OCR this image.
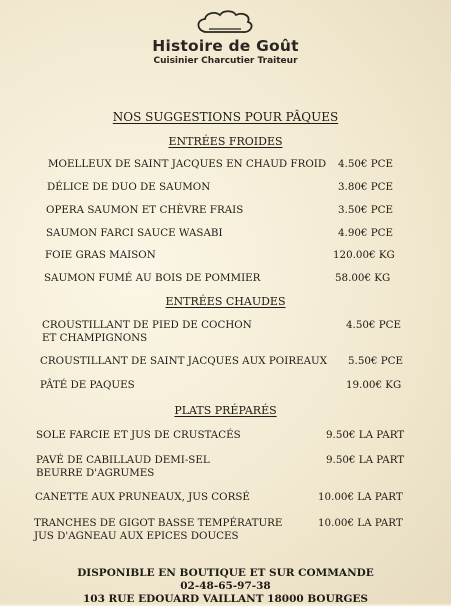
Histoire de Goût
Cuisinier Charcutier Traiteur
NOS SUGGESTIONS POUR PÂQUES
ENTRÉES FROIDES
MOELLEUX DE SAINT JACQUES EN CHAUD FROID 4.50€ PCE
DÉLICE DE DUO DE SAUMON	3.80€ PCE
OPERA SAUMON ET CHÈVRE FRAIS	3.50€ PCE
SAUMON FARCI SAUCE WASABI	4.90€ PCE
FOIE GRAS MAISON	120.00€ KG
SAUMON FUMÉ AU BOIS DE POMMIER	58.00€ KG
ENTRÉES CHAUDES
CROUSTILLANT DE PIED DE COCHON
ET CHAMPIGNONS
4.50€ PCE
CROUSTILLANT DE SAINT JACQUES AUX POIREAUX 5.50€ PCE
PÂTÉ DE PAQUES	19.00€ KG
PLATS PRÉPARÉS
SOLE FARCIE ET JUS DE CRUSTACÉS	9.50€ LA PART
PAVÉ DE CABILLAUD DEMI-SEL
BEURRE D'AGRUMES
9.50€ LA PART
CANETTE AUX PRUNEAUX, JUS CORSÉ	10.00€ LA PART
TRANCHES DE GIGOT BASSE TEMPÉRATURE
JUS D'AGNEAU AUX EPICES DOUCES
10.00€ LA PART
DISPONIBLE EN BOUTIQUE ET SUR COMMANDE
02-48-65-97-38
103 RUE EDOUARD VAILLANT 18000 BOURGES
